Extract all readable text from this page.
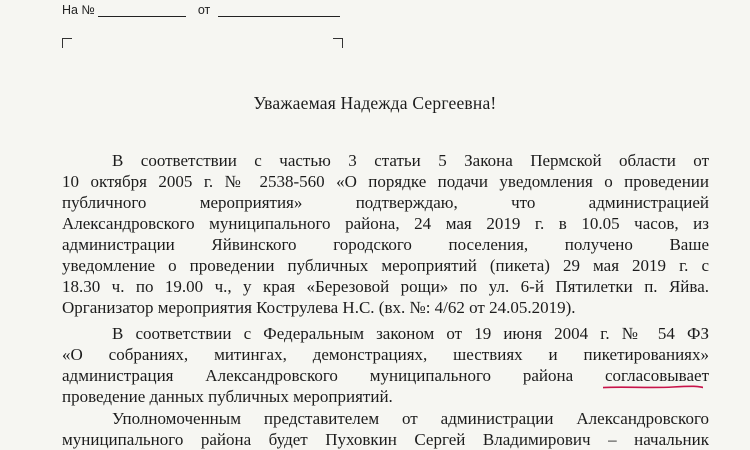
На №	от
Уважаемая Надежда Сергеевна!
В соответствии с частью 3 статьи 5 Закона Пермской области от
10 октября 2005 г. № 2538-560 «О порядке подачи уведомления о проведении
публичного мероприятия» подтверждаю, что администрацией
Александровского муниципального района, 24 мая 2019 г. в 10.05 часов, из
администрации Яйвинского городского поселения, получено Ваше
уведомление о проведении публичных мероприятий (пикета) 29 мая 2019 г. с
18.30 ч. по 19.00 ч., у края «Березовой рощи» по ул. 6-й Пятилетки п. Яйва.
Организатор мероприятия Кострулева Н.С. (вх. №: 4/62 от 24.05.2019).
В соответствии с Федеральным законом от 19 июня 2004 г. № 54 ФЗ
«О собраниях, митингах, демонстрациях, шествиях и пикетированиях»
администрация Александровского муниципального района согласовывает
проведение данных публичных мероприятий.
Уполномоченным представителем от администрации Александровского
муниципального района будет Пуховкин Сергей Владимирович – начальник
